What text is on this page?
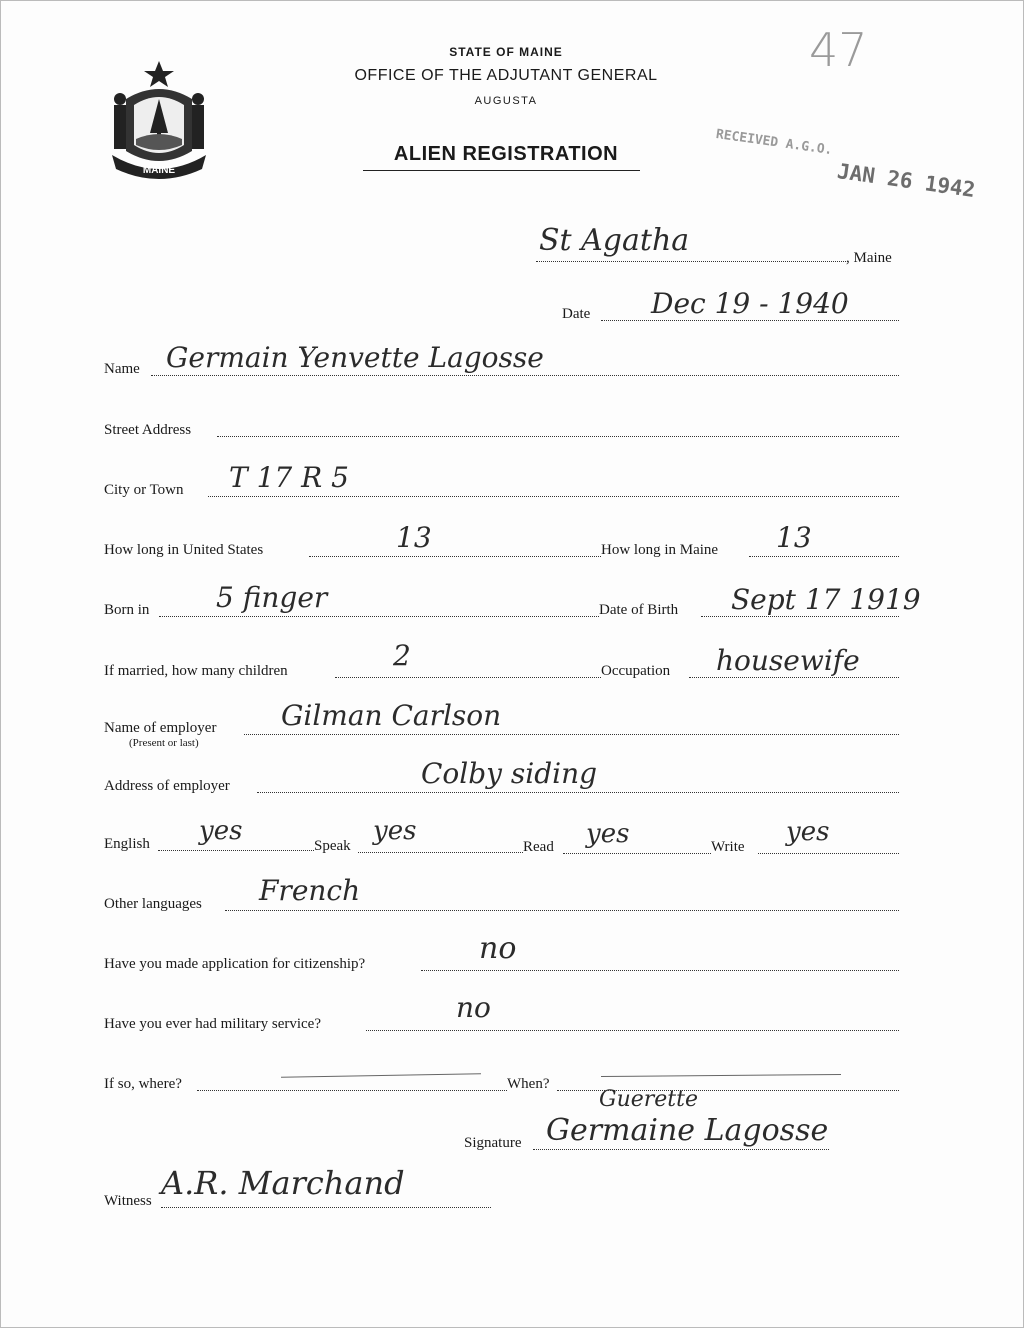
MAINE
STATE OF MAINE
OFFICE OF THE ADJUTANT GENERAL
AUGUSTA
ALIEN REGISTRATION
47
RECEIVED A.G.O.
JAN 26 1942
St Agatha	, Maine
Date Dec 19 - 1940
Name Germain Yenvette Lagosse
Street Address
City or Town T 17 R 5
How long in United States	13	How long in Maine 13
Born in 5 finger	Date of Birth Sept 17 1919
If married, how many children	2	Occupation housewife
Name of employer
(Present or last)
Gilman Carlson
Address of employer	Colby siding
English yes	Speak yes
Read yes	Write yes
Other languages French
Have you made application for citizenship?	no
Have you ever had military service?	no
If so, where?	When?
Guerette
Signature Germaine Lagosse
Witness A.R. Marchand
